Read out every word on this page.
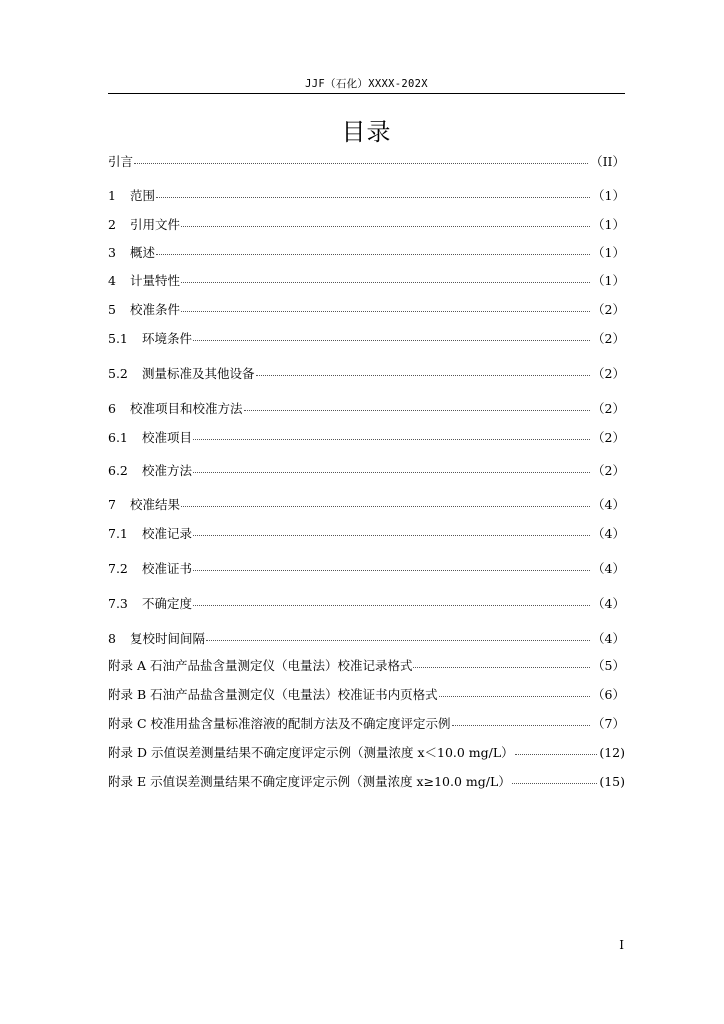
JJF（石化）XXXX-202X
目录
引言	（II）
1 范围	（1）
2 引用文件	（1）
3 概述	（1）
4 计量特性	（1）
5 校准条件	（2）
5.1 环境条件	（2）
5.2 测量标准及其他设备	（2）
6 校准项目和校准方法	（2）
6.1 校准项目	（2）
6.2 校准方法	（2）
7 校准结果	（4）
7.1 校准记录	（4）
7.2 校准证书	（4）
7.3 不确定度	（4）
8 复校时间间隔	（4）
附录 A 石油产品盐含量测定仪（电量法）校准记录格式	（5）
附录 B 石油产品盐含量测定仪（电量法）校准证书内页格式	（6）
附录 C 校准用盐含量标准溶液的配制方法及不确定度评定示例	（7）
附录 D 示值误差测量结果不确定度评定示例（测量浓度 x＜10.0 mg/L）	(12)
附录 E 示值误差测量结果不确定度评定示例（测量浓度 x≥10.0 mg/L）	(15)
I
